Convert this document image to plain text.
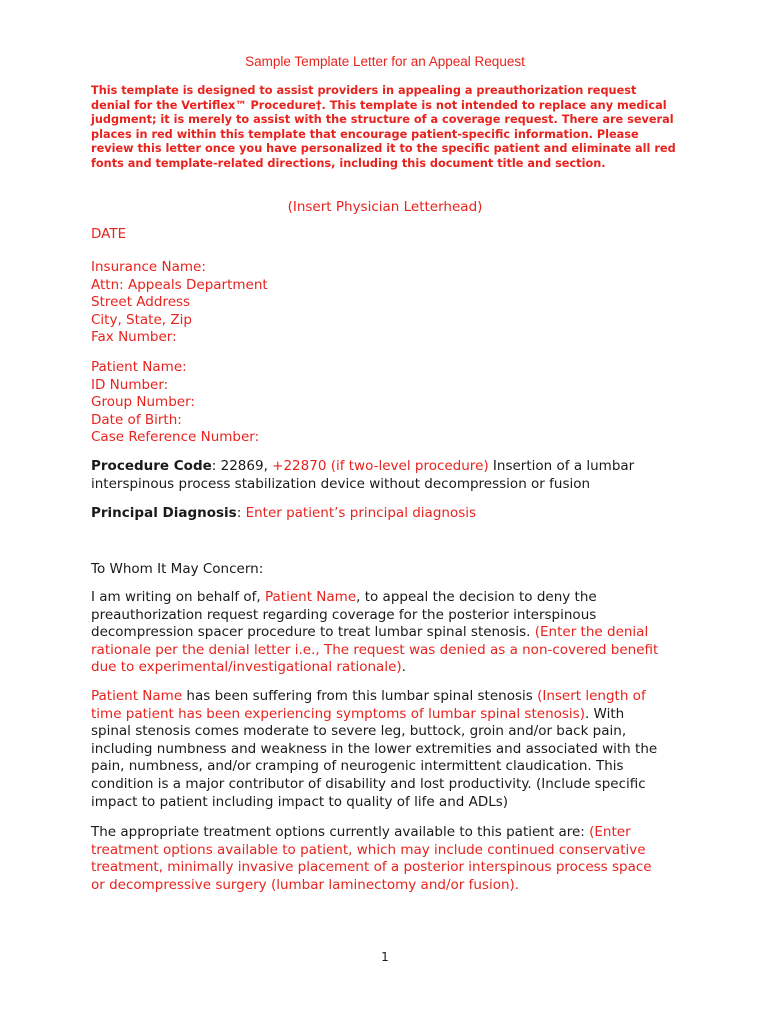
Sample Template Letter for an Appeal Request
This template is designed to assist providers in appealing a preauthorization request
denial for the Vertiflex™ Procedure†. This template is not intended to replace any medical
judgment; it is merely to assist with the structure of a coverage request. There are several
places in red within this template that encourage patient-specific information. Please
review this letter once you have personalized it to the specific patient and eliminate all red
fonts and template-related directions, including this document title and section.
(Insert Physician Letterhead)
DATE
Insurance Name:
Attn: Appeals Department
Street Address
City, State, Zip
Fax Number:
Patient Name:
ID Number:
Group Number:
Date of Birth:
Case Reference Number:
Procedure Code: 22869, +22870 (if two-level procedure) Insertion of a lumbar
interspinous process stabilization device without decompression or fusion
Principal Diagnosis: Enter patient’s principal diagnosis
To Whom It May Concern:
I am writing on behalf of, Patient Name, to appeal the decision to deny the
preauthorization request regarding coverage for the posterior interspinous
decompression spacer procedure to treat lumbar spinal stenosis. (Enter the denial
rationale per the denial letter i.e., The request was denied as a non-covered benefit
due to experimental/investigational rationale).
Patient Name has been suffering from this lumbar spinal stenosis (Insert length of
time patient has been experiencing symptoms of lumbar spinal stenosis). With
spinal stenosis comes moderate to severe leg, buttock, groin and/or back pain,
including numbness and weakness in the lower extremities and associated with the
pain, numbness, and/or cramping of neurogenic intermittent claudication. This
condition is a major contributor of disability and lost productivity. (Include specific
impact to patient including impact to quality of life and ADLs)
The appropriate treatment options currently available to this patient are: (Enter
treatment options available to patient, which may include continued conservative
treatment, minimally invasive placement of a posterior interspinous process space
or decompressive surgery (lumbar laminectomy and/or fusion).
1
